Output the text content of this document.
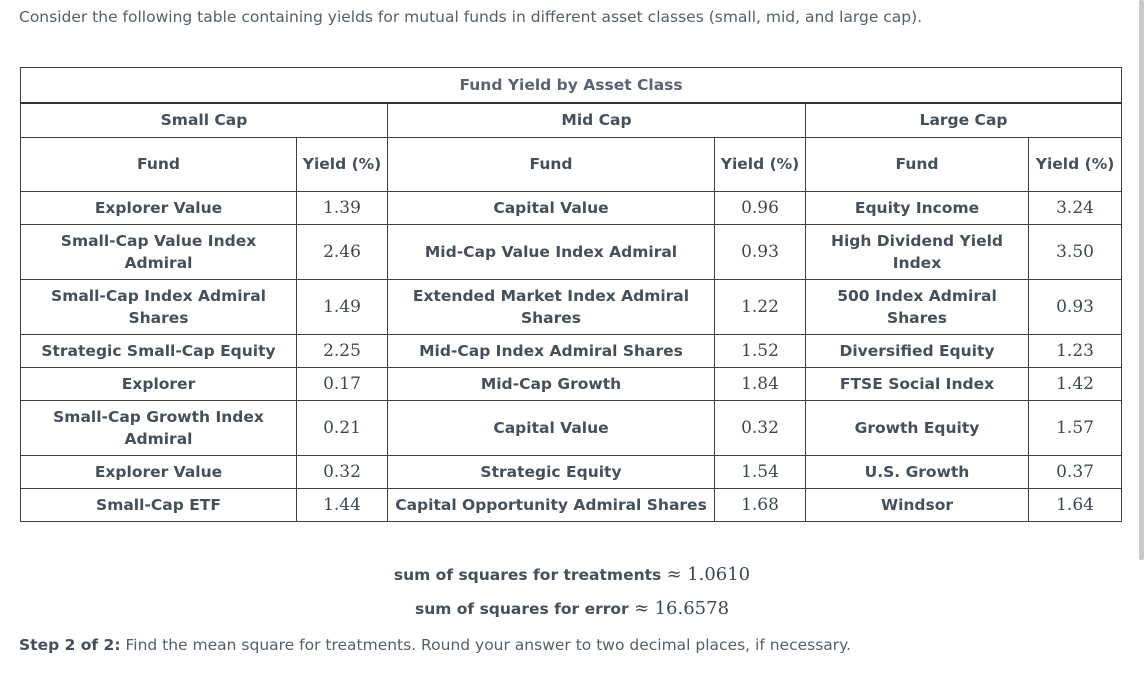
Consider the following table containing yields for mutual funds in different asset classes (small, mid, and large cap).
Fund Yield by Asset Class					
Small Cap		Mid Cap		Large Cap	
Fund	Yield (%)	Fund	Yield (%)	Fund	Yield (%)
Explorer Value	1.39	Capital Value	0.96	Equity Income	3.24
Small-Cap Value Index Admiral	2.46	Mid-Cap Value Index Admiral	0.93	High Dividend Yield Index	3.50
Small-Cap Index Admiral Shares	1.49	Extended Market Index Admiral Shares	1.22	500 Index Admiral Shares	0.93
Strategic Small-Cap Equity	2.25	Mid-Cap Index Admiral Shares	1.52	Diversified Equity	1.23
Explorer	0.17	Mid-Cap Growth	1.84	FTSE Social Index	1.42
Small-Cap Growth Index Admiral	0.21	Capital Value	0.32	Growth Equity	1.57
Explorer Value	0.32	Strategic Equity	1.54	U.S. Growth	0.37
Small-Cap ETF	1.44	Capital Opportunity Admiral Shares	1.68	Windsor	1.64
sum of squares for treatments ≈ 1.0610
sum of squares for error ≈ 16.6578
Step 2 of 2: Find the mean square for treatments. Round your answer to two decimal places, if necessary.
